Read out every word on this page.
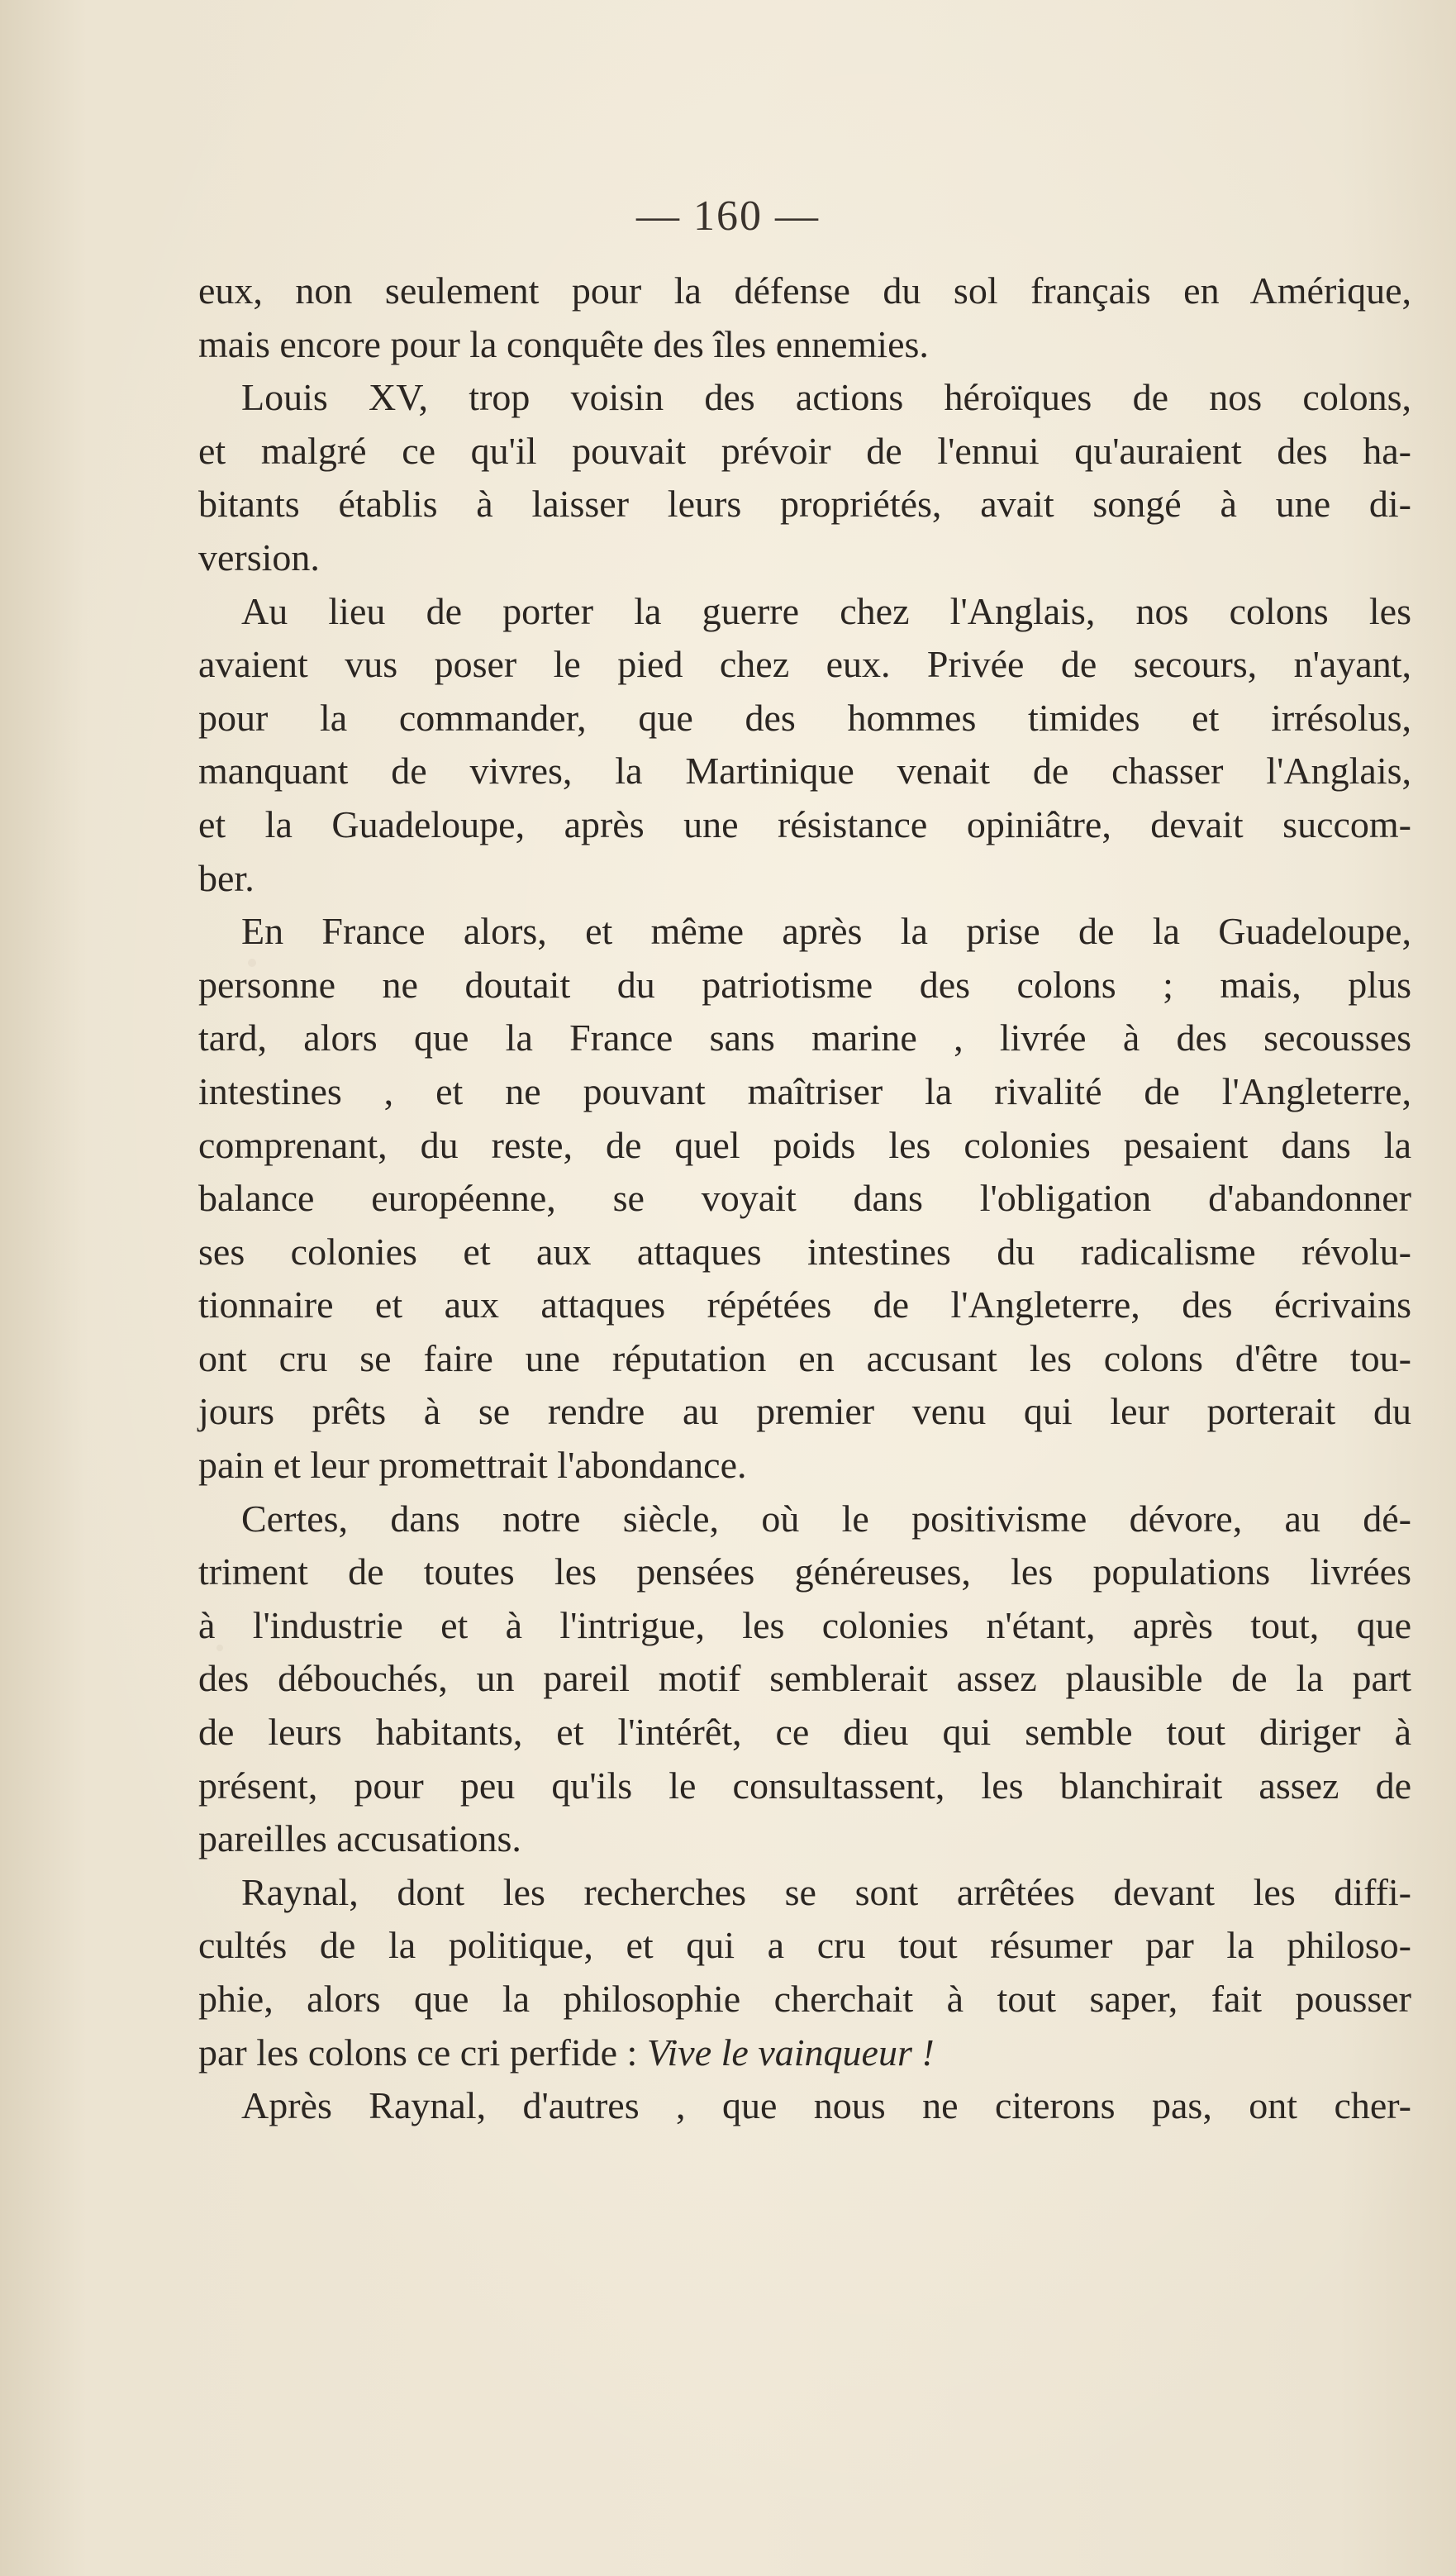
— 160 —
eux, non seulement pour la défense du sol français en Amérique,
mais encore pour la conquête des îles ennemies.
Louis XV, trop voisin des actions héroïques de nos colons,
et malgré ce qu'il pouvait prévoir de l'ennui qu'auraient des ha-
bitants établis à laisser leurs propriétés, avait songé à une di-
version.
Au lieu de porter la guerre chez l'Anglais, nos colons les
avaient vus poser le pied chez eux. Privée de secours, n'ayant,
pour la commander, que des hommes timides et irrésolus,
manquant de vivres, la Martinique venait de chasser l'Anglais,
et la Guadeloupe, après une résistance opiniâtre, devait succom-
ber.
En France alors, et même après la prise de la Guadeloupe,
personne ne doutait du patriotisme des colons ; mais, plus
tard, alors que la France sans marine , livrée à des secousses
intestines , et ne pouvant maîtriser la rivalité de l'Angleterre,
comprenant, du reste, de quel poids les colonies pesaient dans la
balance européenne, se voyait dans l'obligation d'abandonner
ses colonies et aux attaques intestines du radicalisme révolu-
tionnaire et aux attaques répétées de l'Angleterre, des écrivains
ont cru se faire une réputation en accusant les colons d'être tou-
jours prêts à se rendre au premier venu qui leur porterait du
pain et leur promettrait l'abondance.
Certes, dans notre siècle, où le positivisme dévore, au dé-
triment de toutes les pensées généreuses, les populations livrées
à l'industrie et à l'intrigue, les colonies n'étant, après tout, que
des débouchés, un pareil motif semblerait assez plausible de la part
de leurs habitants, et l'intérêt, ce dieu qui semble tout diriger à
présent, pour peu qu'ils le consultassent, les blanchirait assez de
pareilles accusations.
Raynal, dont les recherches se sont arrêtées devant les diffi-
cultés de la politique, et qui a cru tout résumer par la philoso-
phie, alors que la philosophie cherchait à tout saper, fait pousser
par les colons ce cri perfide : Vive le vainqueur !
Après Raynal, d'autres , que nous ne citerons pas, ont cher-
